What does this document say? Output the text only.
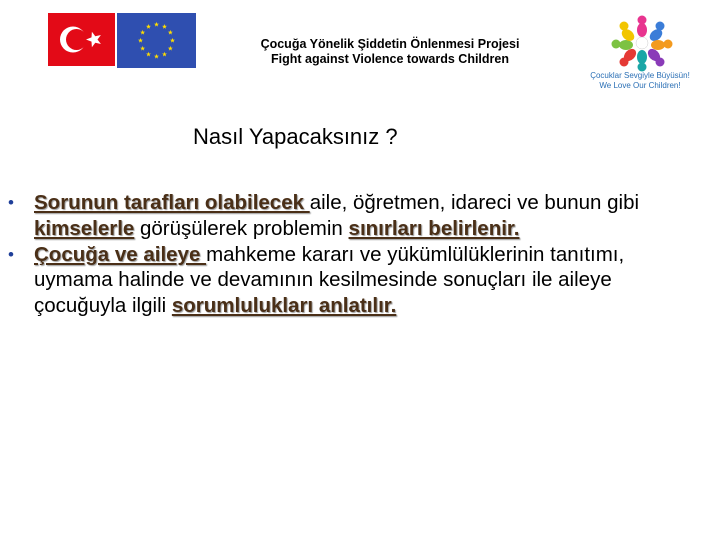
Çocuğa Yönelik Şiddetin Önlenmesi Projesi
Fight against Violence towards Children
Çocuklar Sevgiyle Büyüsün!
We Love Our Children!
Nasıl Yapacaksınız ?
• Sorunun tarafları olabilecek aile, öğretmen, idareci ve bunun gibi kimselerle görüşülerek problemin sınırları belirlenir.
• Çocuğa ve aileye mahkeme kararı ve yükümlülüklerinin tanıtımı, uymama halinde ve devamının kesilmesinde sonuçları ile aileye çocuğuyla ilgili sorumlulukları anlatılır.
